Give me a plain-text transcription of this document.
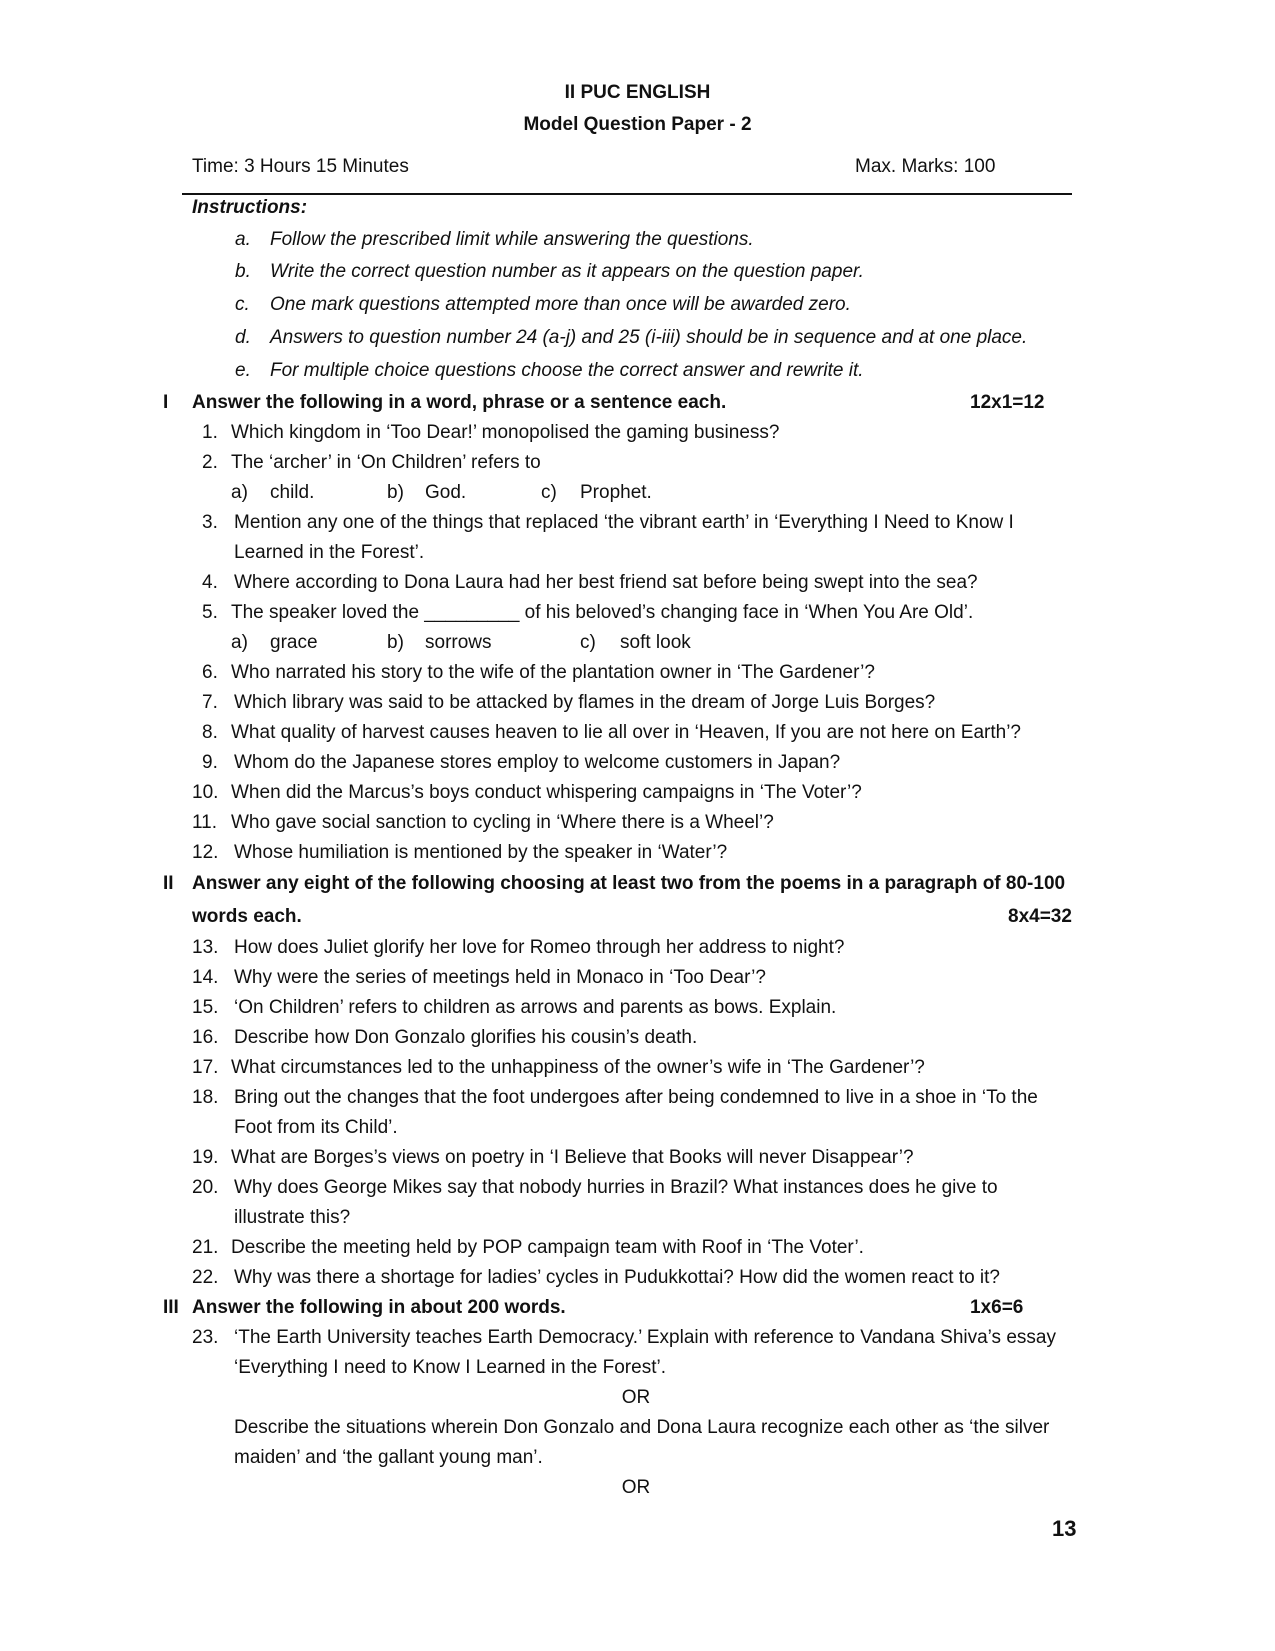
II PUC ENGLISH
Model Question Paper - 2
Time: 3 Hours 15 Minutes	Max. Marks: 100
Instructions:
a. Follow the prescribed limit while answering the questions.
b. Write the correct question number as it appears on the question paper.
c. One mark questions attempted more than once will be awarded zero.
d. Answers to question number 24 (a-j) and 25 (i-iii) should be in sequence and at one place.
e. For multiple choice questions choose the correct answer and rewrite it.
I Answer the following in a word, phrase or a sentence each.	12x1=12
1. Which kingdom in ‘Too Dear!’ monopolised the gaming business?
2. The ‘archer’ in ‘On Children’ refers to
a) child.	b) God.	c) Prophet.
3. Mention any one of the things that replaced ‘the vibrant earth’ in ‘Everything I Need to Know I
Learned in the Forest’.
4. Where according to Dona Laura had her best friend sat before being swept into the sea?
5. The speaker loved the _________ of his beloved’s changing face in ‘When You Are Old’.
a) grace	b) sorrows	c) soft look
6. Who narrated his story to the wife of the plantation owner in ‘The Gardener’?
7. Which library was said to be attacked by flames in the dream of Jorge Luis Borges?
8. What quality of harvest causes heaven to lie all over in ‘Heaven, If you are not here on Earth’?
9. Whom do the Japanese stores employ to welcome customers in Japan?
10. When did the Marcus’s boys conduct whispering campaigns in ‘The Voter’?
11. Who gave social sanction to cycling in ‘Where there is a Wheel’?
12. Whose humiliation is mentioned by the speaker in ‘Water’?
II Answer any eight of the following choosing at least two from the poems in a paragraph of 80-100
words each.	8x4=32
13. How does Juliet glorify her love for Romeo through her address to night?
14. Why were the series of meetings held in Monaco in ‘Too Dear’?
15. ‘On Children’ refers to children as arrows and parents as bows. Explain.
16. Describe how Don Gonzalo glorifies his cousin’s death.
17. What circumstances led to the unhappiness of the owner’s wife in ‘The Gardener’?
18. Bring out the changes that the foot undergoes after being condemned to live in a shoe in ‘To the
Foot from its Child’.
19. What are Borges’s views on poetry in ‘I Believe that Books will never Disappear’?
20. Why does George Mikes say that nobody hurries in Brazil? What instances does he give to
illustrate this?
21. Describe the meeting held by POP campaign team with Roof in ‘The Voter’.
22. Why was there a shortage for ladies’ cycles in Pudukkottai? How did the women react to it?
III Answer the following in about 200 words.	1x6=6
23. ‘The Earth University teaches Earth Democracy.’ Explain with reference to Vandana Shiva’s essay
‘Everything I need to Know I Learned in the Forest’.
OR
Describe the situations wherein Don Gonzalo and Dona Laura recognize each other as ‘the silver
maiden’ and ‘the gallant young man’.
OR
13
